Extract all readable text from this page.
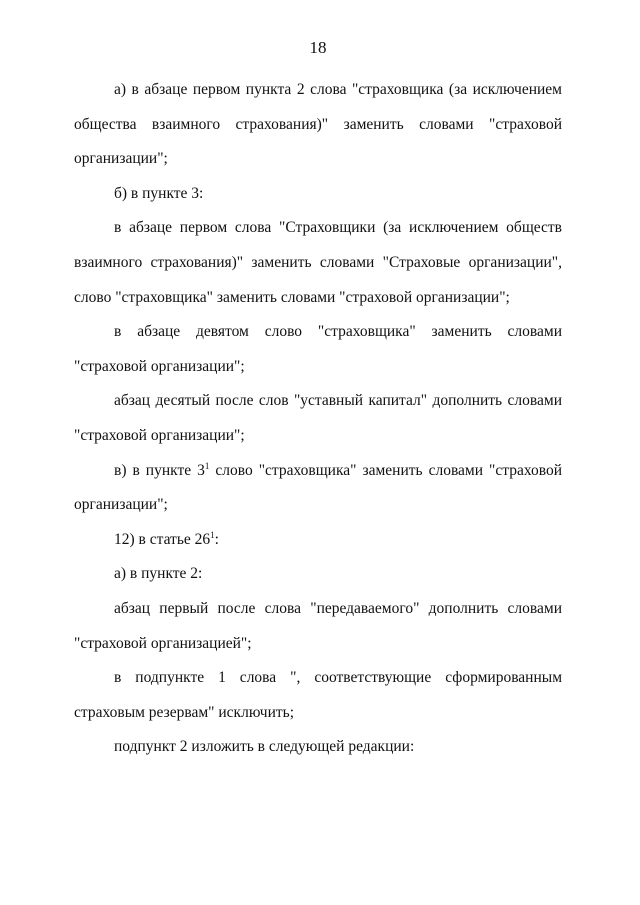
18

а) в абзаце первом пункта 2 слова "страховщика (за исключением общества взаимного страхования)" заменить словами "страховой организации";

б) в пункте 3:

в абзаце первом слова "Страховщики (за исключением обществ взаимного страхования)" заменить словами "Страховые организации", слово "страховщика" заменить словами "страховой организации";

в абзаце девятом слово "страховщика" заменить словами "страховой организации";

абзац десятый после слов "уставный капитал" дополнить словами "страховой организации";

в) в пункте $3^1$ слово "страховщика" заменить словами "страховой организации";

12) в статье $26^1$:

а) в пункте 2:

абзац первый после слова "передаваемого" дополнить словами "страховой организацией";

в подпункте 1 слова ", соответствующие сформированным страховым резервам" исключить;

подпункт 2 изложить в следующей редакции:
